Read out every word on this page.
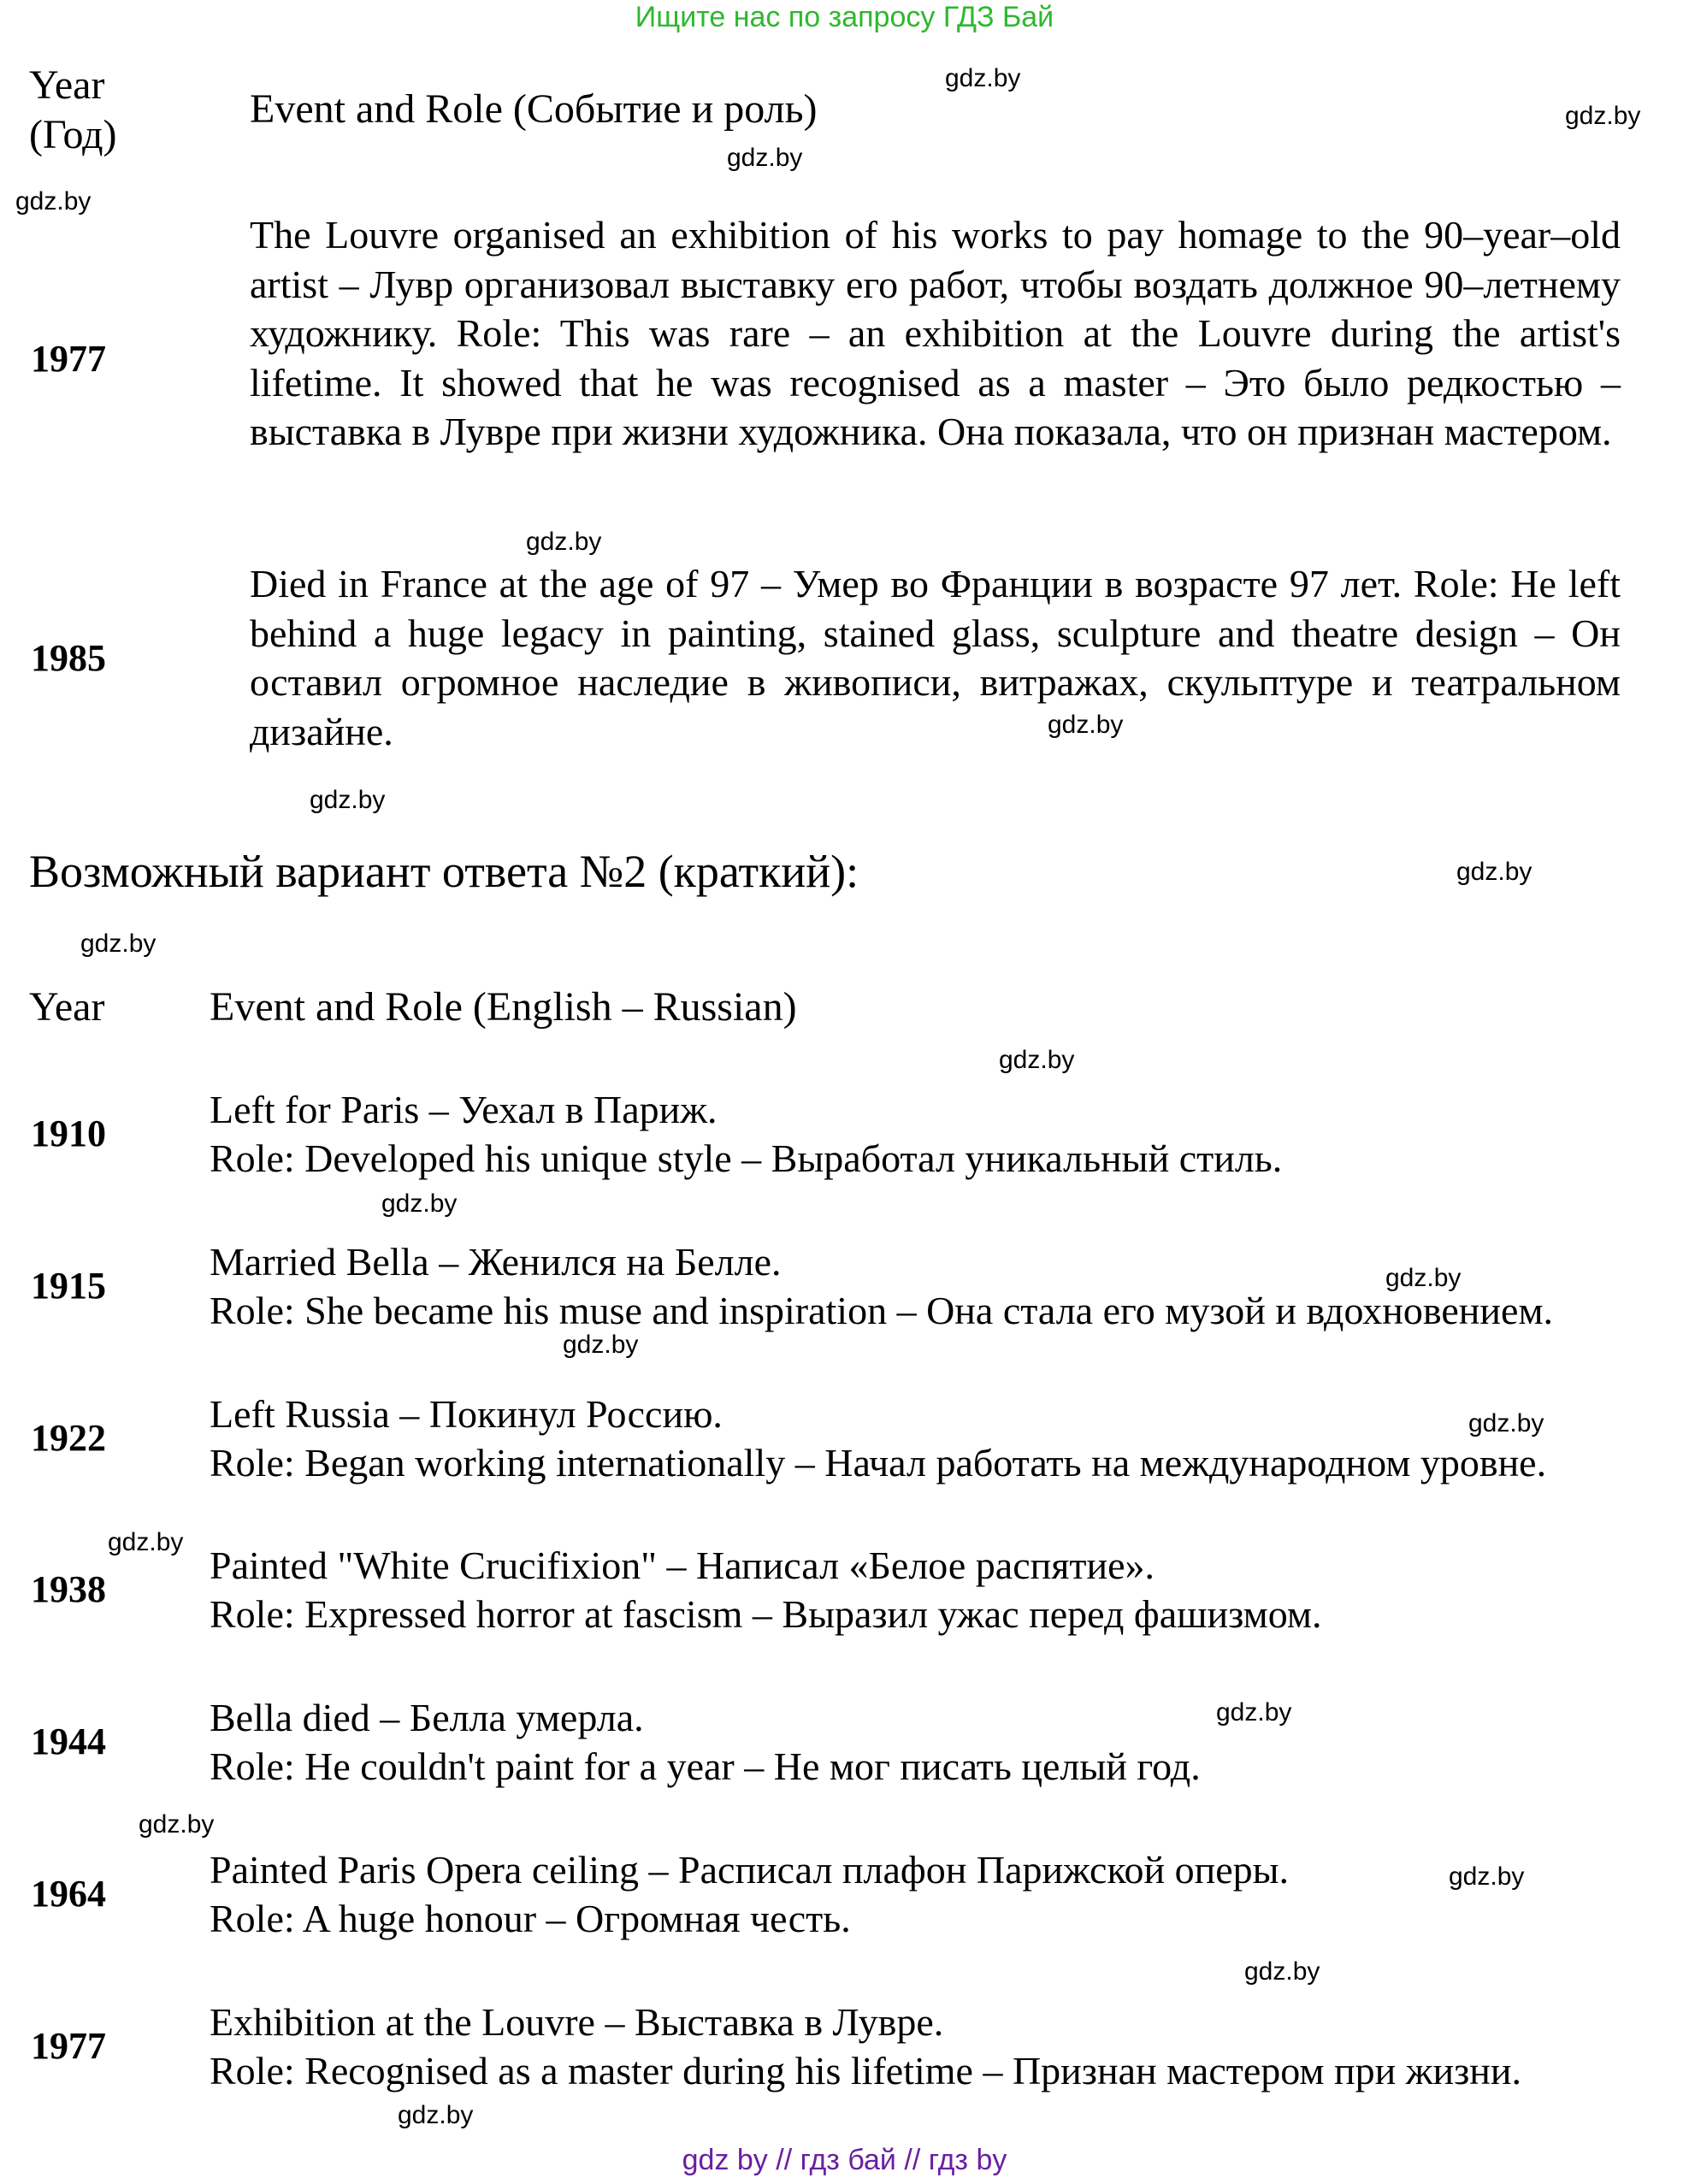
Ищите нас по запросу ГДЗ Бай
Year
(Год)
Event and Role (Событие и роль)
1977
The Louvre organised an exhibition of his works to pay homage to the 90–year–old artist – Лувр организовал выставку его работ, чтобы воздать должное 90–летнему художнику. Role: This was rare – an exhibition at the Louvre during the artist's lifetime. It showed that he was recognised as a master – Это было редкостью – выставка в Лувре при жизни художника. Она показала, что он признан мастером.
1985
Died in France at the age of 97 – Умер во Франции в возрасте 97 лет. Role: He left behind a huge legacy in painting, stained glass, sculpture and theatre design – Он оставил огромное наследие в живописи, витражах, скульптуре и театральном дизайне.
Возможный вариант ответа №2 (краткий):
Year	Event and Role (English – Russian)
1910
Left for Paris – Уехал в Париж.
Role: Developed his unique style – Выработал уникальный стиль.
1915
Married Bella – Женился на Белле.
Role: She became his muse and inspiration – Она стала его музой и вдохновением.
1922
Left Russia – Покинул Россию.
Role: Began working internationally – Начал работать на международном уровне.
1938
Painted "White Crucifixion" – Написал «Белое распятие».
Role: Expressed horror at fascism – Выразил ужас перед фашизмом.
1944
Bella died – Белла умерла.
Role: He couldn't paint for a year – Не мог писать целый год.
1964
Painted Paris Opera ceiling – Расписал плафон Парижской оперы.
Role: A huge honour – Огромная честь.
1977
Exhibition at the Louvre – Выставка в Лувре.
Role: Recognised as a master during his lifetime – Признан мастером при жизни.
gdz.by
gdz.by
gdz.by
gdz.by
gdz.by
gdz.by
gdz.by
gdz.by
gdz.by
gdz.by
gdz.by
gdz.by
gdz.by
gdz.by
gdz.by
gdz.by
gdz.by
gdz.by
gdz.by
gdz.by
gdz by // гдз бай // гдз by
